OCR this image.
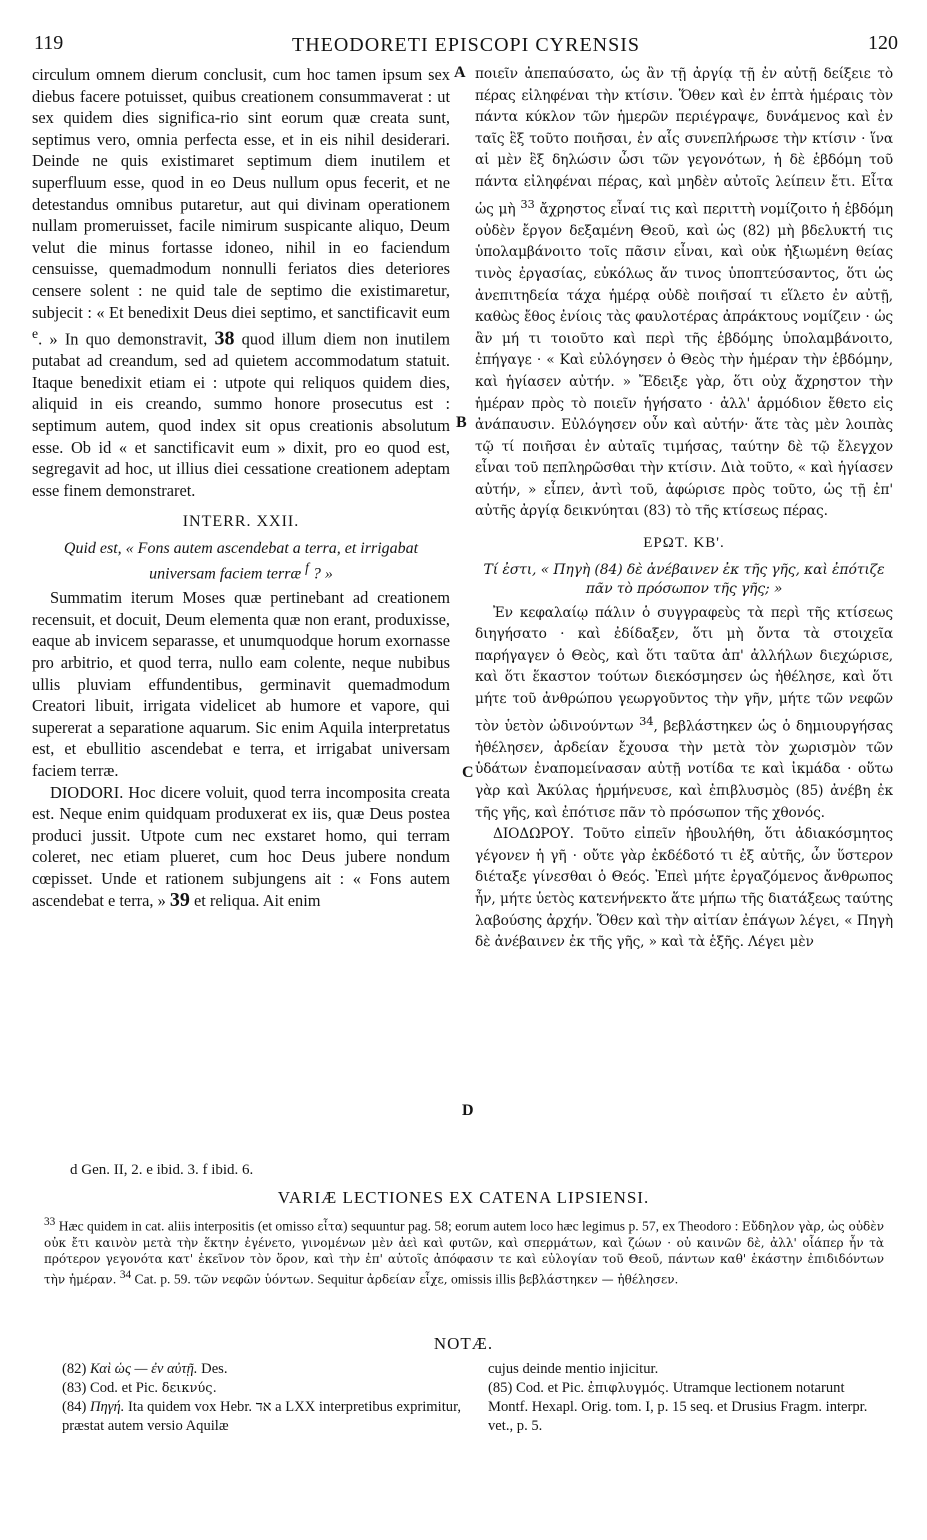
119	THEODORETI EPISCOPI CYRENSIS	120
A
B
C
D

circulum omnem dierum conclusit, cum hoc tamen ipsum sex diebus facere potuisset, quibus creationem consummaverat : ut sex quidem dies significa-rio sint eorum quæ creata sunt, septimus vero, omnia perfecta esse, et in eis nihil desiderari. Deinde ne quis existimaret septimum diem inutilem et superfluum esse, quod in eo Deus nullum opus fecerit, et ne detestandus omnibus putaretur, aut qui divinam operationem nullam promeruisset, facile nimirum suspicante aliquo, Deum velut die minus fortasse idoneo, nihil in eo faciendum censuisse, quemadmodum nonnulli feriatos dies deteriores censere solent : ne quid tale de septimo die existimaretur, subjecit : « Et benedixit Deus diei septimo, et sanctificavit eum $^e$. » In quo demonstravit, 38 quod illum diem non inutilem putabat ad creandum, sed ad quietem accommodatum statuit. Itaque benedixit etiam ei : utpote qui reliquos quidem dies, aliquid in eis creando, summo honore prosecutus est : septimum autem, quod index sit opus creationis absolutum esse. Ob id « et sanctificavit eum » dixit, pro eo quod est, segregavit ad hoc, ut illius diei cessatione creationem adeptam esse finem demonstraret.

INTERR. XXII.
Quid est, « Fons autem ascendebat a terra, et irrigabat universam faciem terræ $^f$ ? »

Summatim iterum Moses quæ pertinebant ad creationem recensuit, et docuit, Deum elementa quæ non erant, produxisse, eaque ab invicem separasse, et unumquodque horum exornasse pro arbitrio, et quod terra, nullo eam colente, neque nubibus ullis pluviam effundentibus, germinavit quemadmodum Creatori libuit, irrigata videlicet ab humore et vapore, qui supererat a separatione aquarum. Sic enim Aquila interpretatus est, et ebullitio ascendebat e terra, et irrigabat universam faciem terræ.

DIODORI. Hoc dicere voluit, quod terra incomposita creata est. Neque enim quidquam produxerat ex iis, quæ Deus postea produci jussit. Utpote cum nec exstaret homo, qui terram coleret, nec etiam plueret, cum hoc Deus jubere nondum cœpisset. Unde et rationem subjungens ait : « Fons autem ascendebat e terra, » 39 et reliqua. Ait enim

ποιεῖν ἀπεπαύσατο, ὡς ἂν τῇ ἀργίᾳ τῇ ἐν αὐτῇ δείξειε τὸ πέρας εἰληφέναι τὴν κτίσιν. Ὅθεν καὶ ἐν ἑπτὰ ἡμέραις τὸν πάντα κύκλον τῶν ἡμερῶν περιέγραψε, δυνάμενος καὶ ἐν ταῖς ἓξ τοῦτο ποιῆσαι, ἐν αἷς συνεπλήρωσε τὴν κτίσιν · ἵνα αἱ μὲν ἓξ δηλώσιν ὦσι τῶν γεγονότων, ἡ δὲ ἑβδόμη τοῦ πάντα εἰληφέναι πέρας, καὶ μηδὲν αὐτοῖς λείπειν ἔτι. Εἶτα ὡς μὴ $^{33}$ ἄχρηστος εἶναί τις καὶ περιττὴ νομίζοιτο ἡ ἑβδόμη οὐδὲν ἔργον δεξαμένη Θεοῦ, καὶ ὡς (82) μὴ βδελυκτή τις ὑπολαμβάνοιτο τοῖς πᾶσιν εἶναι, καὶ οὐκ ἠξιωμένη θείας τινὸς ἐργασίας, εὐκόλως ἄν τινος ὑποπτεύσαντος, ὅτι ὡς ἀνεπιτηδεία τάχα ἡμέρᾳ οὐδὲ ποιῆσαί τι εἵλετο ἐν αὐτῇ, καθὼς ἔθος ἐνίοις τὰς φαυλοτέρας ἀπράκτους νομίζειν · ὡς ἂν μή τι τοιοῦτο καὶ περὶ τῆς ἑβδόμης ὑπολαμβάνοιτο, ἐπήγαγε · « Καὶ εὐλόγησεν ὁ Θεὸς τὴν ἡμέραν τὴν ἑβδόμην, καὶ ἡγίασεν αὐτήν. » Ἔδειξε γὰρ, ὅτι οὐχ ἄχρηστον τὴν ἡμέραν πρὸς τὸ ποιεῖν ἡγήσατο · ἀλλ' ἁρμόδιον ἔθετο εἰς ἀνάπαυσιν. Εὐλόγησεν οὖν καὶ αὐτήν· ἅτε τὰς μὲν λοιπὰς τῷ τί ποιῆσαι ἐν αὐταῖς τιμήσας, ταύτην δὲ τῷ ἔλεγχον εἶναι τοῦ πεπληρῶσθαι τὴν κτίσιν. Διὰ τοῦτο, « καὶ ἡγίασεν αὐτήν, » εἶπεν, ἀντὶ τοῦ, ἀφώρισε πρὸς τοῦτο, ὡς τῇ ἐπ' αὐτῆς ἀργίᾳ δεικνύηται (83) τὸ τῆς κτίσεως πέρας.

ΕΡΩΤ. ΚΒ'.
Τί ἐστι, « Πηγὴ (84) δὲ ἀνέβαινεν ἐκ τῆς γῆς, καὶ ἐπότιζε πᾶν τὸ πρόσωπον τῆς γῆς; »

Ἐν κεφαλαίῳ πάλιν ὁ συγγραφεὺς τὰ περὶ τῆς κτίσεως διηγήσατο · καὶ ἐδίδαξεν, ὅτι μὴ ὄντα τὰ στοιχεῖα παρήγαγεν ὁ Θεὸς, καὶ ὅτι ταῦτα ἀπ' ἀλλήλων διεχώρισε, καὶ ὅτι ἕκαστον τούτων διεκόσμησεν ὡς ἠθέλησε, καὶ ὅτι μήτε τοῦ ἀνθρώπου γεωργοῦντος τὴν γῆν, μήτε τῶν νεφῶν τὸν ὑετὸν ὠδινούντων $^{34}$, βεβλάστηκεν ὡς ὁ δημιουργήσας ἠθέλησεν, ἀρδείαν ἔχουσα τὴν μετὰ τὸν χωρισμὸν τῶν ὑδάτων ἐναπομείνασαν αὐτῇ νοτίδα τε καὶ ἰκμάδα · οὕτω γὰρ καὶ Ἀκύλας ἡρμήνευσε, καὶ ἐπιβλυσμὸς (85) ἀνέβη ἐκ τῆς γῆς, καὶ ἐπότισε πᾶν τὸ πρόσωπον τῆς χθονός.

ΔΙΟΔΩΡΟΥ. Τοῦτο εἰπεῖν ἠβουλήθη, ὅτι ἀδιακόσμητος γέγονεν ἡ γῆ · οὔτε γὰρ ἐκδέδοτό τι ἐξ αὐτῆς, ὧν ὕστερον διέταξε γίνεσθαι ὁ Θεός. Ἐπεὶ μήτε ἐργαζόμενος ἄνθρωπος ἦν, μήτε ὑετὸς κατενήνεκτο ἅτε μήπω τῆς διατάξεως ταύτης λαβούσης ἀρχήν. Ὅθεν καὶ τὴν αἰτίαν ἐπάγων λέγει, « Πηγὴ δὲ ἀνέβαινεν ἐκ τῆς γῆς, » καὶ τὰ ἑξῆς. Λέγει μὲν

d Gen. II, 2. e ibid. 3. f ibid. 6.
VARIÆ LECTIONES EX CATENA LIPSIENSI.
$^{33}$ Hæc quidem in cat. aliis interpositis (et omisso εἶτα) sequuntur pag. 58; eorum autem loco hæc legimus p. 57, ex Theodoro : Εὔδηλον γὰρ, ὡς οὐδὲν οὐκ ἔτι καινὸν μετὰ τὴν ἕκτην ἐγένετο, γινομένων μὲν ἀεὶ καὶ φυτῶν, καὶ σπερμάτων, καὶ ζώων · οὐ καινῶν δὲ, ἀλλ' οἷάπερ ἦν τὰ πρότερον γεγονότα κατ' ἐκεῖνον τὸν ὅρον, καὶ τὴν ἐπ' αὐτοῖς ἀπόφασιν τε καὶ εὐλογίαν τοῦ Θεοῦ, πάντων καθ' ἑκάστην ἐπιδιδόντων τὴν ἡμέραν. $^{34}$ Cat. p. 59. τῶν νεφῶν ὑόντων. Sequitur ἀρδείαν εἶχε, omissis illis βεβλάστηκεν — ἠθέλησεν.
NOTÆ.

(82) Καὶ ὡς — ἐν αὐτῇ. Des.

(83) Cod. et Pic. δεικνύς.

(84) Πηγή. Ita quidem vox Hebr. אד a LXX interpretibus exprimitur, præstat autem versio Aquilæ

cujus deinde mentio injicitur.

(85) Cod. et Pic. ἐπιφλυγμός. Utramque lectionem notarunt Montf. Hexapl. Orig. tom. I, p. 15 seq. et Drusius Fragm. interpr. vet., p. 5.
